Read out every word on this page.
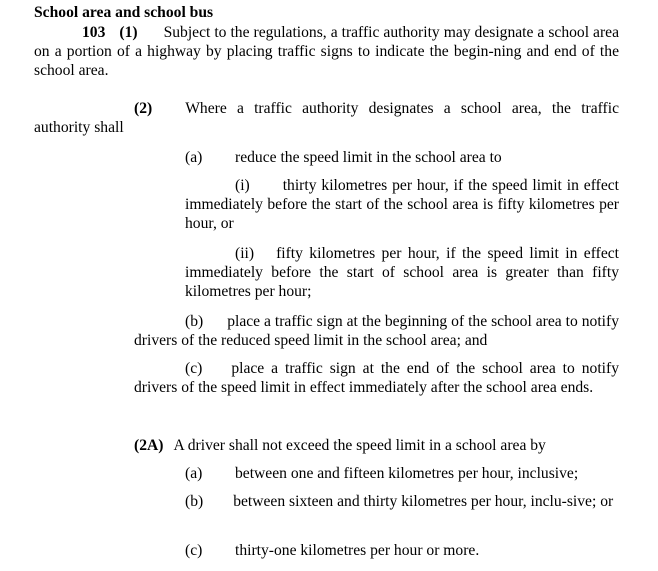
School area and school bus
103 (1) Subject to the regulations, a traffic authority may designate a school area on a portion of a highway by placing traffic signs to indicate the begin-ning and end of the school area.
(2) Where a traffic authority designates a school area, the traffic authority shall
(a) reduce the speed limit in the school area to
(i) thirty kilometres per hour, if the speed limit in effect immediately before the start of the school area is fifty kilometres per hour, or
(ii) fifty kilometres per hour, if the speed limit in effect immediately before the start of school area is greater than fifty kilometres per hour;
(b) place a traffic sign at the beginning of the school area to notify drivers of the reduced speed limit in the school area; and
(c) place a traffic sign at the end of the school area to notify drivers of the speed limit in effect immediately after the school area ends.
(2A) A driver shall not exceed the speed limit in a school area by
(a) between one and fifteen kilometres per hour, inclusive;
(b) between sixteen and thirty kilometres per hour, inclu-sive; or
(c) thirty-one kilometres per hour or more.
